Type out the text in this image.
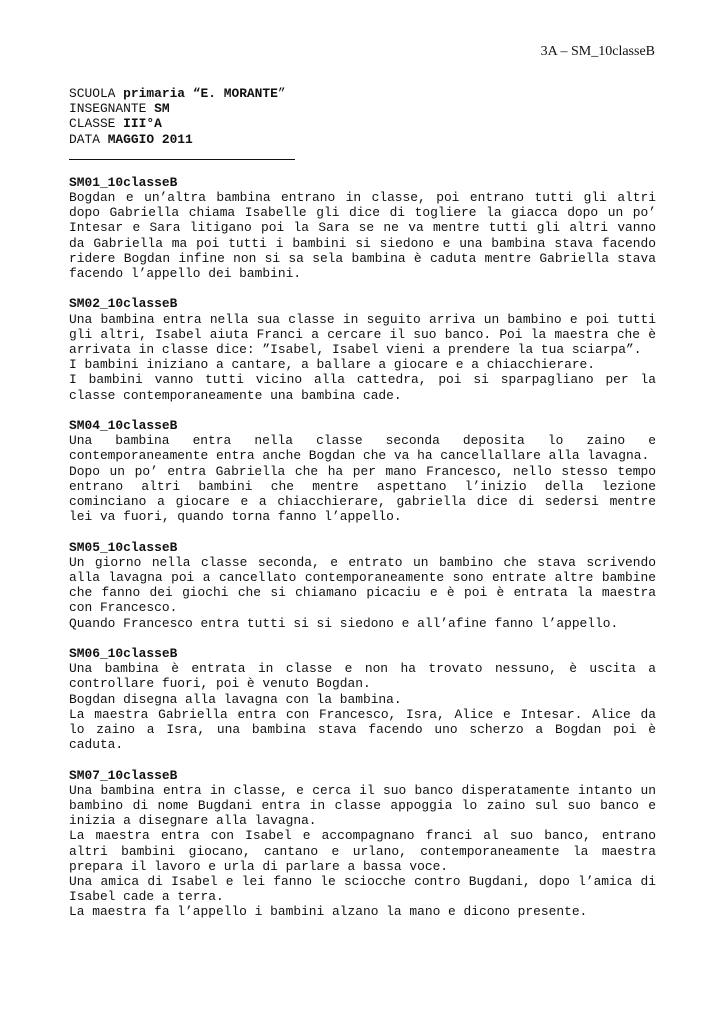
3A – SM_10classeB
SCUOLA primaria “E. MORANTE”
INSEGNANTE SM
CLASSE III°A
DATA MAGGIO 2011
SM01_10classeB

Bogdan e un’altra bambina entrano in classe, poi entrano tutti gli altri dopo Gabriella chiama Isabelle gli dice di togliere la giacca dopo un po’ Intesar e Sara litigano poi la Sara se ne va mentre tutti gli altri vanno da Gabriella ma poi tutti i bambini si siedono e una bambina stava facendo ridere Bogdan infine non si sa sela bambina è caduta mentre Gabriella stava facendo l’appello dei bambini.

SM02_10classeB

Una bambina entra nella sua classe in seguito arriva un bambino e poi tutti gli altri, Isabel aiuta Franci a cercare il suo banco. Poi la maestra che è arrivata in classe dice: ”Isabel, Isabel vieni a prendere la tua sciarpa”.

I bambini iniziano a cantare, a ballare a giocare e a chiacchierare.

I bambini vanno tutti vicino alla cattedra, poi si sparpagliano per la classe contemporaneamente una bambina cade.

SM04_10classeB

Una bambina entra nella classe seconda deposita lo zaino e contemporaneamente entra anche Bogdan che va ha cancellallare alla lavagna.

Dopo un po’ entra Gabriella che ha per mano Francesco, nello stesso tempo entrano altri bambini che mentre aspettano l’inizio della lezione cominciano a giocare e a chiacchierare, gabriella dice di sedersi mentre lei va fuori, quando torna fanno l’appello.

SM05_10classeB

Un giorno nella classe seconda, e entrato un bambino che stava scrivendo alla lavagna poi a cancellato contemporaneamente sono entrate altre bambine che fanno dei giochi che si chiamano picaciu e è poi è entrata la maestra con Francesco.

Quando Francesco entra tutti si si siedono e all’afine fanno l’appello.

SM06_10classeB

Una bambina è entrata in classe e non ha trovato nessuno, è uscita a controllare fuori, poi è venuto Bogdan.

Bogdan disegna alla lavagna con la bambina.

La maestra Gabriella entra con Francesco, Isra, Alice e Intesar. Alice da lo zaino a Isra, una bambina stava facendo uno scherzo a Bogdan poi è caduta.

SM07_10classeB

Una bambina entra in classe, e cerca il suo banco disperatamente intanto un bambino di nome Bugdani entra in classe appoggia lo zaino sul suo banco e inizia a disegnare alla lavagna.

La maestra entra con Isabel e accompagnano franci al suo banco, entrano altri bambini giocano, cantano e urlano, contemporaneamente la maestra prepara il lavoro e urla di parlare a bassa voce.

Una amica di Isabel e lei fanno le sciocche contro Bugdani, dopo l’amica di Isabel cade a terra.

La maestra fa l’appello i bambini alzano la mano e dicono presente.
